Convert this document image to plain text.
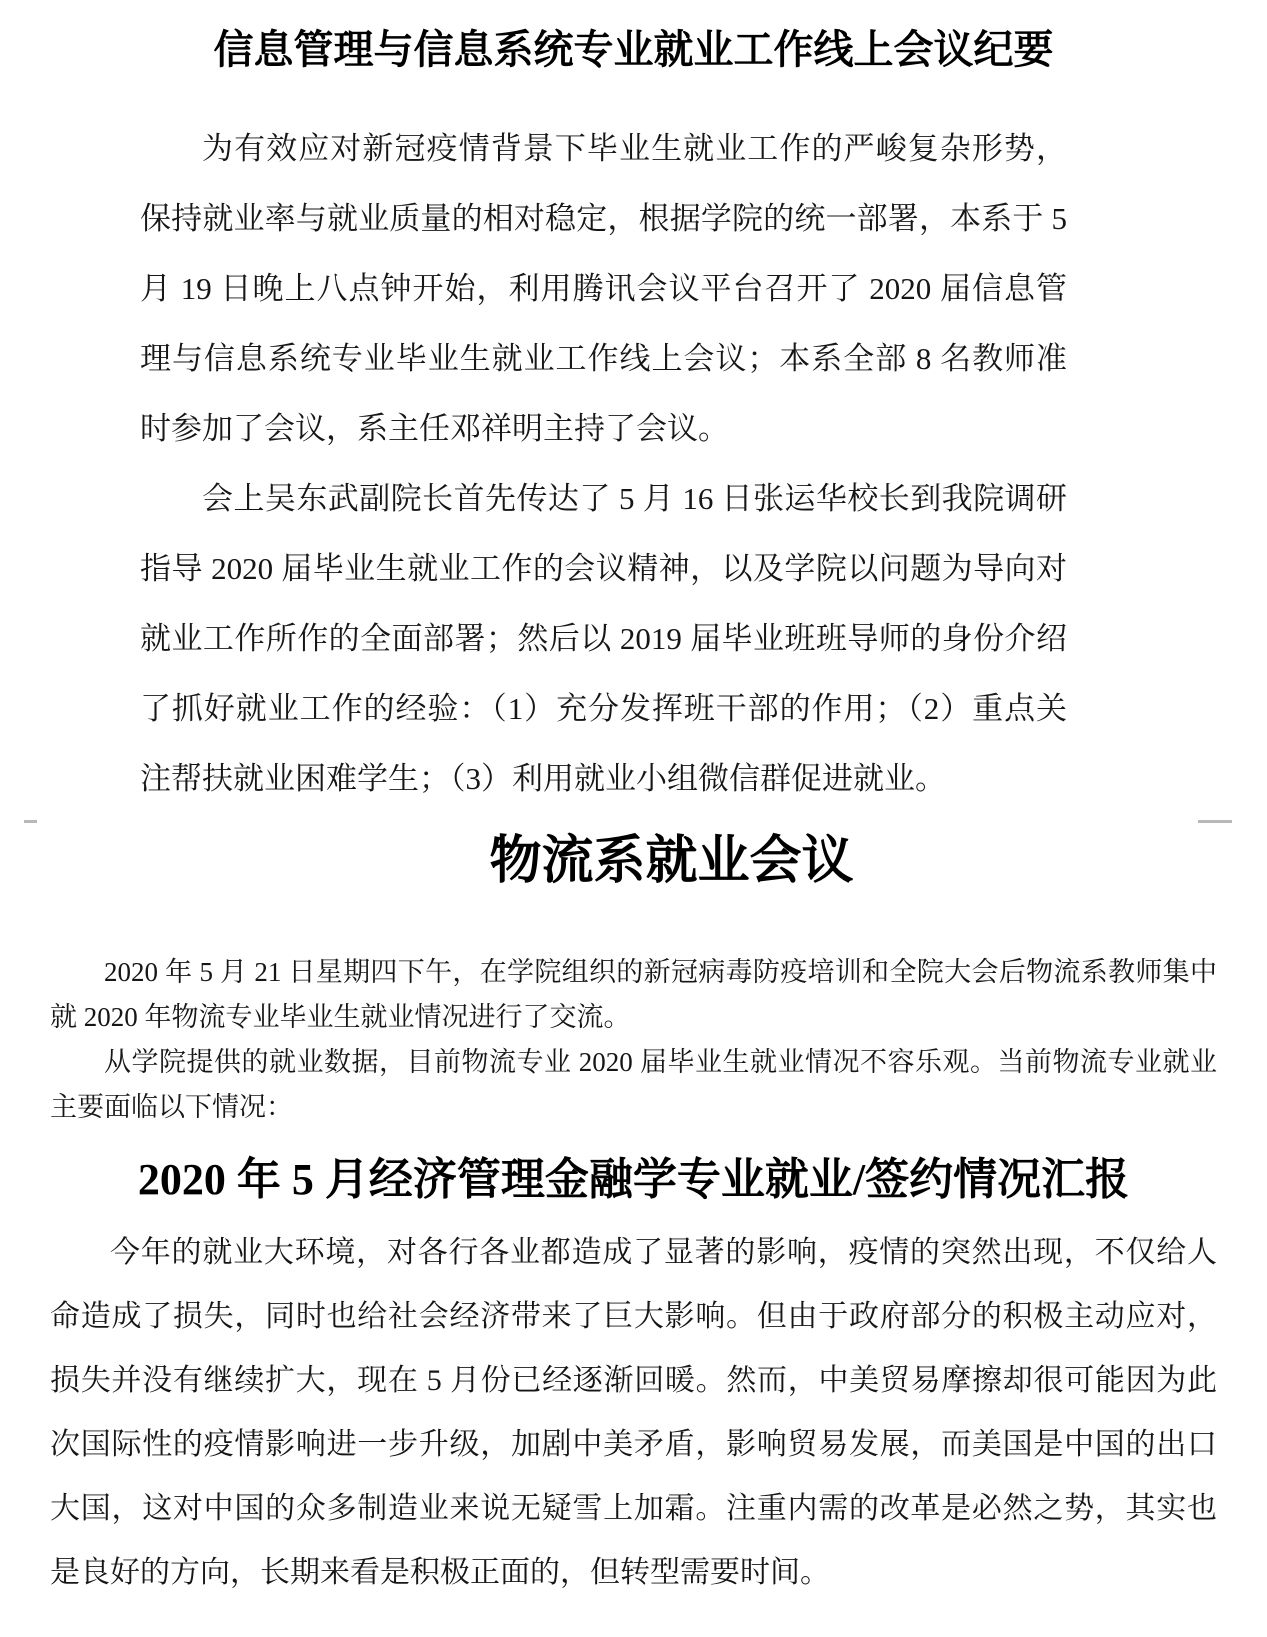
信息管理与信息系统专业就业工作线上会议纪要

为有效应对新冠疫情背景下毕业生就业工作的严峻复杂形势，保持就业率与就业质量的相对稳定，根据学院的统一部署，本系于 5 月 19 日晚上八点钟开始，利用腾讯会议平台召开了 2020 届信息管理与信息系统专业毕业生就业工作线上会议；本系全部 8 名教师准时参加了会议，系主任邓祥明主持了会议。

会上吴东武副院长首先传达了 5 月 16 日张运华校长到我院调研指导 2020 届毕业生就业工作的会议精神，以及学院以问题为导向对就业工作所作的全面部署；然后以 2019 届毕业班班导师的身份介绍了抓好就业工作的经验：（1）充分发挥班干部的作用；（2）重点关注帮扶就业困难学生；（3）利用就业小组微信群促进就业。

物流系就业会议

2020 年 5 月 21 日星期四下午，在学院组织的新冠病毒防疫培训和全院大会后物流系教师集中就 2020 年物流专业毕业生就业情况进行了交流。

从学院提供的就业数据，目前物流专业 2020 届毕业生就业情况不容乐观。当前物流专业就业主要面临以下情况：

2020 年 5 月经济管理金融学专业就业/签约情况汇报

今年的就业大环境，对各行各业都造成了显著的影响，疫情的突然出现，不仅给人命造成了损失，同时也给社会经济带来了巨大影响。但由于政府部分的积极主动应对，损失并没有继续扩大，现在 5 月份已经逐渐回暖。然而，中美贸易摩擦却很可能因为此次国际性的疫情影响进一步升级，加剧中美矛盾，影响贸易发展，而美国是中国的出口大国，这对中国的众多制造业来说无疑雪上加霜。注重内需的改革是必然之势，其实也是良好的方向，长期来看是积极正面的，但转型需要时间。
